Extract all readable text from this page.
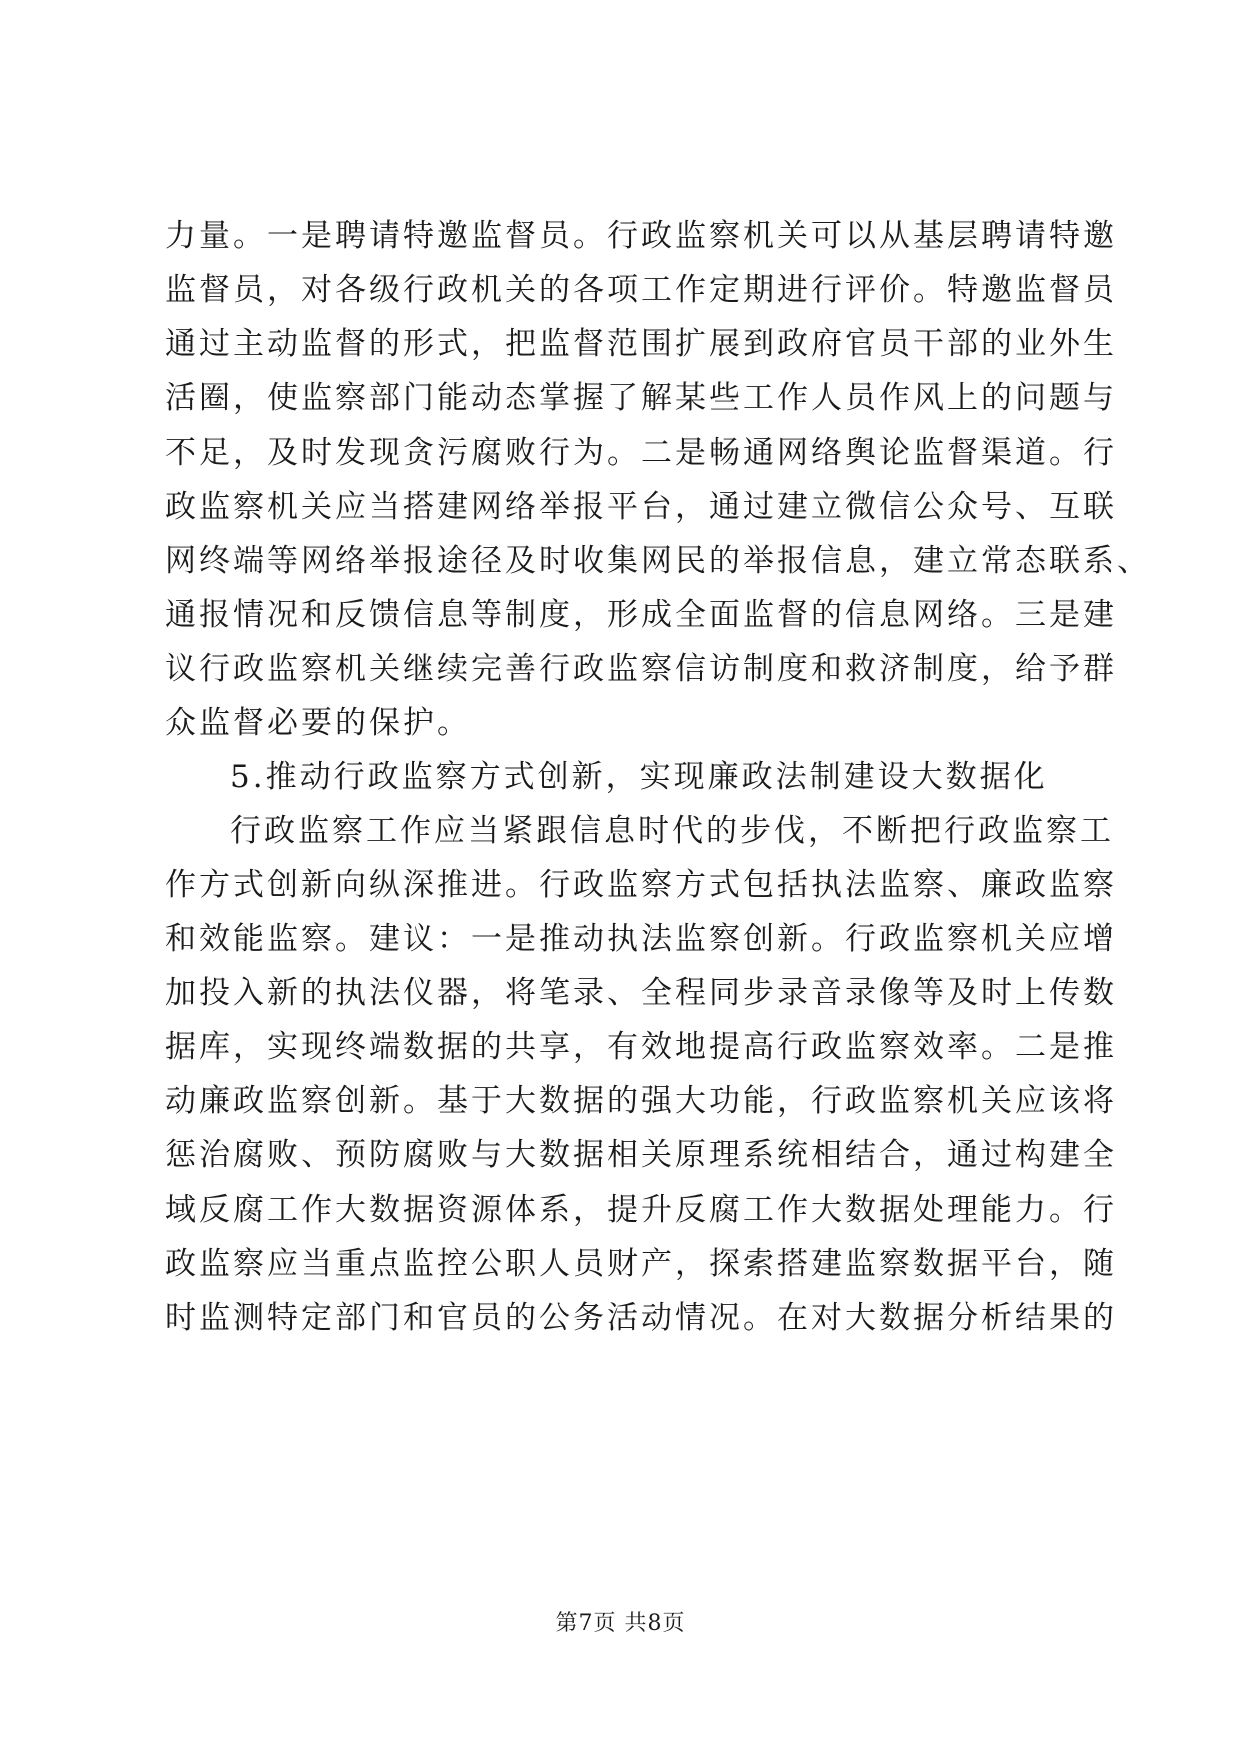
力量。一是聘请特邀监督员。行政监察机关可以从基层聘请特邀
监督员，对各级行政机关的各项工作定期进行评价。特邀监督员
通过主动监督的形式，把监督范围扩展到政府官员干部的业外生
活圈，使监察部门能动态掌握了解某些工作人员作风上的问题与
不足，及时发现贪污腐败行为。二是畅通网络舆论监督渠道。行
政监察机关应当搭建网络举报平台，通过建立微信公众号、互联
网终端等网络举报途径及时收集网民的举报信息，建立常态联系、
通报情况和反馈信息等制度，形成全面监督的信息网络。三是建
议行政监察机关继续完善行政监察信访制度和救济制度，给予群
众监督必要的保护。
5.推动行政监察方式创新，实现廉政法制建设大数据化
行政监察工作应当紧跟信息时代的步伐，不断把行政监察工
作方式创新向纵深推进。行政监察方式包括执法监察、廉政监察
和效能监察。建议：一是推动执法监察创新。行政监察机关应增
加投入新的执法仪器，将笔录、全程同步录音录像等及时上传数
据库，实现终端数据的共享，有效地提高行政监察效率。二是推
动廉政监察创新。基于大数据的强大功能，行政监察机关应该将
惩治腐败、预防腐败与大数据相关原理系统相结合，通过构建全
域反腐工作大数据资源体系，提升反腐工作大数据处理能力。行
政监察应当重点监控公职人员财产，探索搭建监察数据平台，随
时监测特定部门和官员的公务活动情况。在对大数据分析结果的
第7页 共8页
